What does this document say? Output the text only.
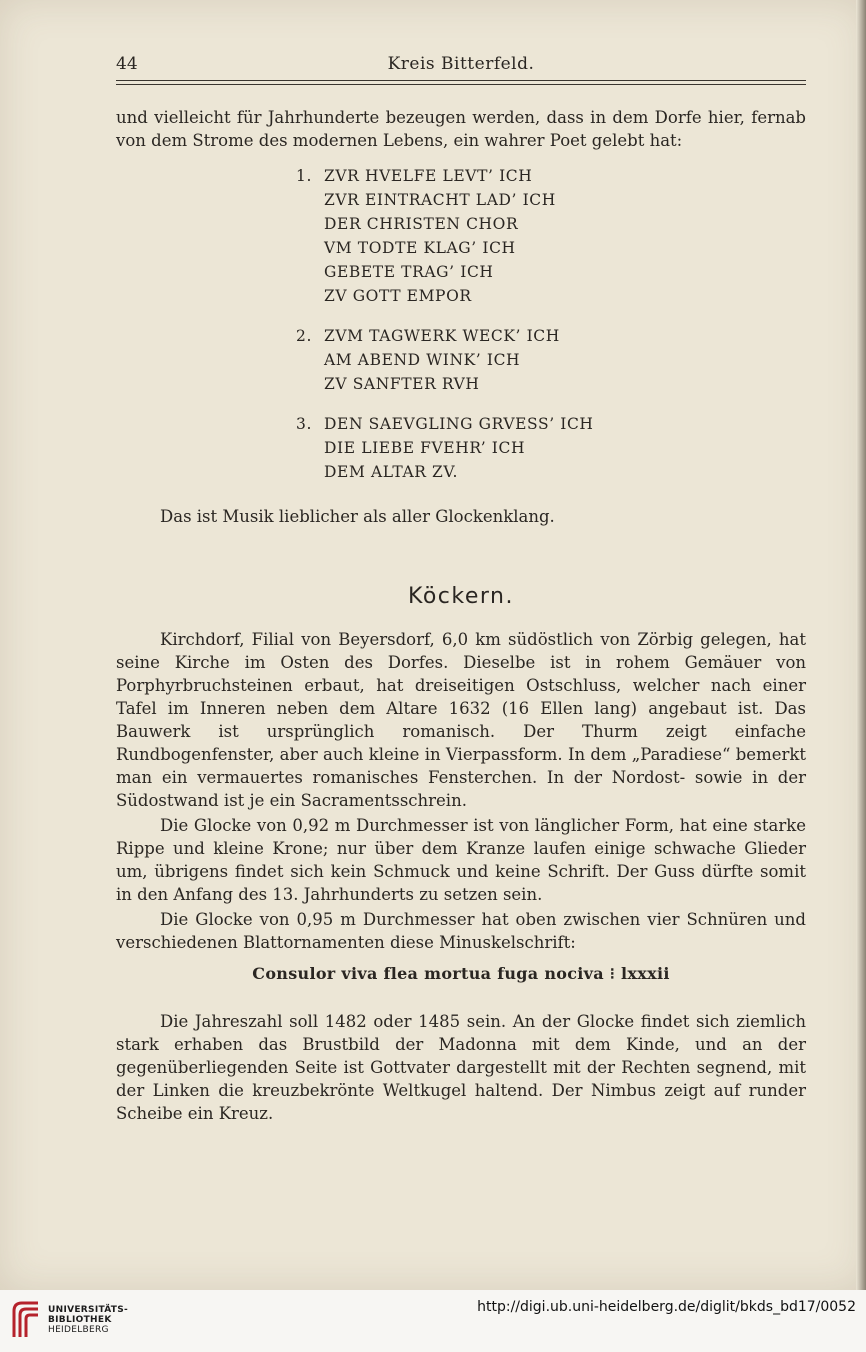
44	Kreis Bitterfeld.
und vielleicht für Jahrhunderte bezeugen werden, dass in dem Dorfe hier, fernab von dem Strome des modernen Lebens, ein wahrer Poet gelebt hat:
1. ZVR HVELFE LEVT’ ICH
ZVR EINTRACHT LAD’ ICH
DER CHRISTEN CHOR
VM TODTE KLAG’ ICH
GEBETE TRAG’ ICH
ZV GOTT EMPOR
2. ZVM TAGWERK WECK’ ICH
AM ABEND WINK’ ICH
ZV SANFTER RVH
3. DEN SAEVGLING GRVESS’ ICH
DIE LIEBE FVEHR’ ICH
DEM ALTAR ZV.
Das ist Musik lieblicher als aller Glockenklang.
Köckern.
Kirchdorf, Filial von Beyersdorf, 6,0 km südöstlich von Zörbig gelegen, hat seine Kirche im Osten des Dorfes. Dieselbe ist in rohem Gemäuer von Porphyrbruchsteinen erbaut, hat dreiseitigen Ostschluss, welcher nach einer Tafel im Inneren neben dem Altare 1632 (16 Ellen lang) angebaut ist. Das Bauwerk ist ursprünglich romanisch. Der Thurm zeigt einfache Rundbogenfenster, aber auch kleine in Vierpassform. In dem „Paradiese“ bemerkt man ein vermauertes romanisches Fensterchen. In der Nordost- sowie in der Südostwand ist je ein Sacramentsschrein.
Die Glocke von 0,92 m Durchmesser ist von länglicher Form, hat eine starke Rippe und kleine Krone; nur über dem Kranze laufen einige schwache Glieder um, übrigens findet sich kein Schmuck und keine Schrift. Der Guss dürfte somit in den Anfang des 13. Jahrhunderts zu setzen sein.
Die Glocke von 0,95 m Durchmesser hat oben zwischen vier Schnüren und verschiedenen Blattornamenten diese Minuskelschrift:
Consulor viva flea mortua fuga nociva ⁝ lxxxii
Die Jahreszahl soll 1482 oder 1485 sein. An der Glocke findet sich ziemlich stark erhaben das Brustbild der Madonna mit dem Kinde, und an der gegenüberliegenden Seite ist Gottvater dargestellt mit der Rechten segnend, mit der Linken die kreuzbekrönte Weltkugel haltend. Der Nimbus zeigt auf runder Scheibe ein Kreuz.
UNIVERSITÄTS-
BIBLIOTHEK
HEIDELBERG
http://digi.ub.uni-heidelberg.de/diglit/bkds_bd17/0052
